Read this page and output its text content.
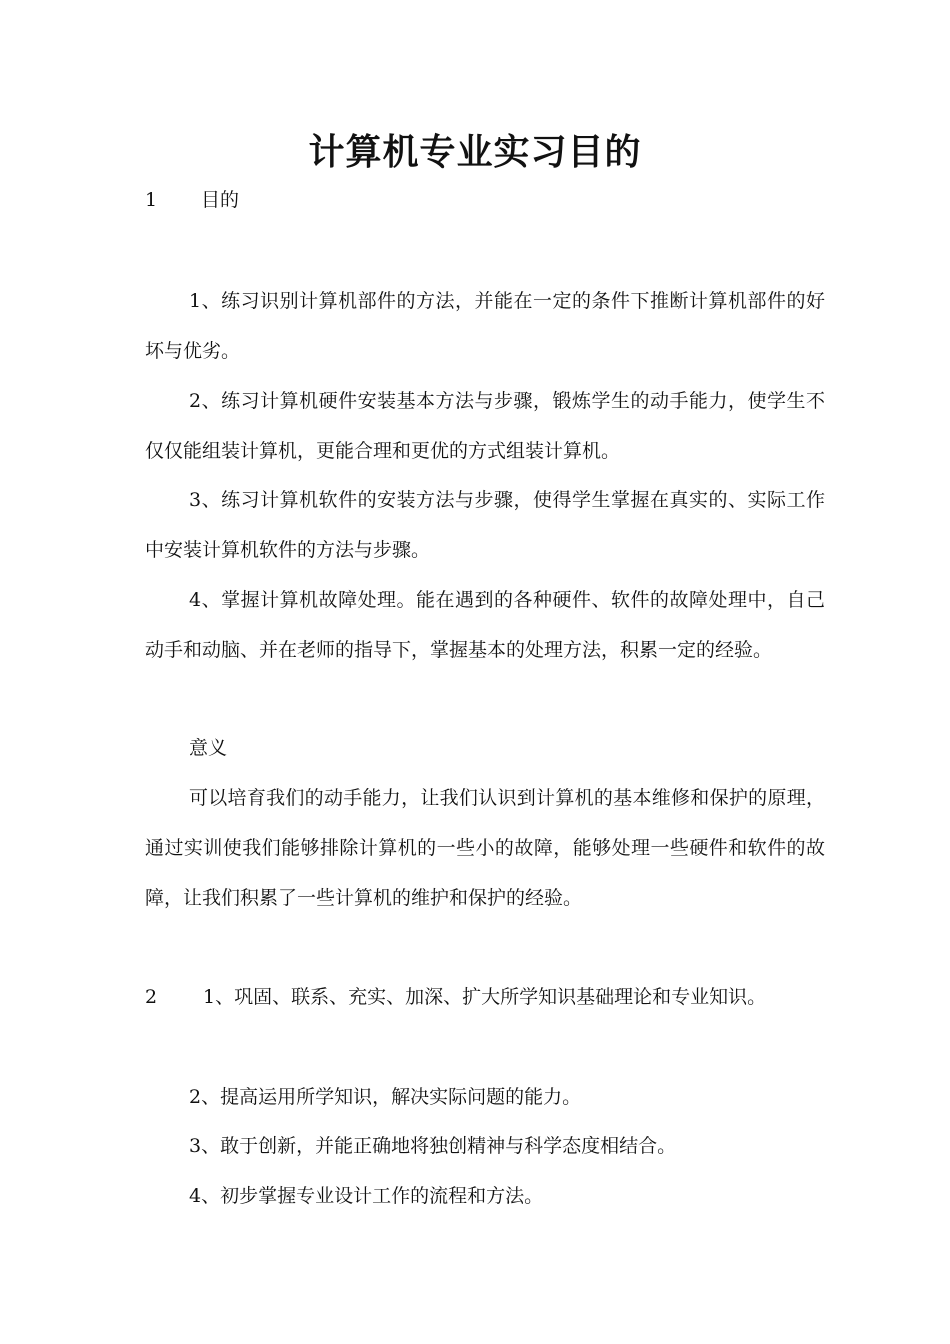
计算机专业实习目的
1 目的

1、练习识别计算机部件的方法，并能在一定的条件下推断计算机部件的好坏与优劣。

2、练习计算机硬件安装基本方法与步骤，锻炼学生的动手能力，使学生不仅仅能组装计算机，更能合理和更优的方式组装计算机。

3、练习计算机软件的安装方法与步骤，使得学生掌握在真实的、实际工作中安装计算机软件的方法与步骤。

4、掌握计算机故障处理。能在遇到的各种硬件、软件的故障处理中，自己动手和动脑、并在老师的指导下，掌握基本的处理方法，积累一定的经验。

意义

可以培育我们的动手能力，让我们认识到计算机的基本维修和保护的原理，通过实训使我们能够排除计算机的一些小的故障，能够处理一些硬件和软件的故障，让我们积累了一些计算机的维护和保护的经验。

2 1、巩固、联系、充实、加深、扩大所学知识基础理论和专业知识。

2、提高运用所学知识，解决实际问题的能力。

3、敢于创新，并能正确地将独创精神与科学态度相结合。

4、初步掌握专业设计工作的流程和方法。
